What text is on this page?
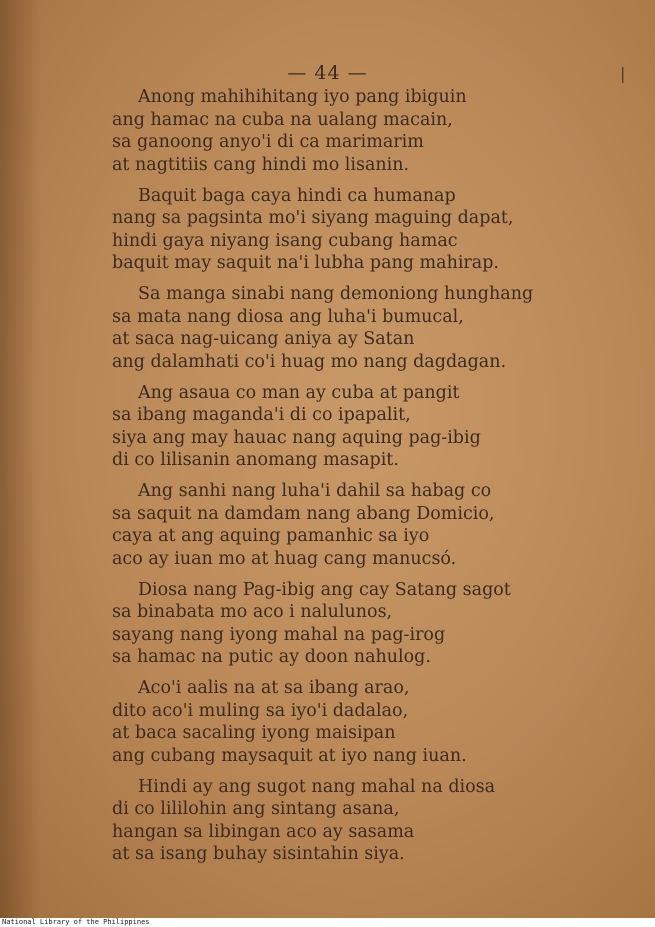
|
— 44 —
Anong mahihihitang iyo pang ibiguin
ang hamac na cuba na ualang macain,
sa ganoong anyo'i di ca marimarim
at nagtitiis cang hindi mo lisanin.
Baquit baga caya hindi ca humanap
nang sa pagsinta mo'i siyang maguing dapat,
hindi gaya niyang isang cubang hamac
baquit may saquit na'i lubha pang mahirap.
Sa manga sinabi nang demoniong hunghang
sa mata nang diosa ang luha'i bumucal,
at saca nag-uicang aniya ay Satan
ang dalamhati co'i huag mo nang dagdagan.
Ang asaua co man ay cuba at pangit
sa ibang maganda'i di co ipapalit,
siya ang may hauac nang aquing pag-ibig
di co lilisanin anomang masapit.
Ang sanhi nang luha'i dahil sa habag co
sa saquit na damdam nang abang Domicio,
caya at ang aquing pamanhic sa iyo
aco ay iuan mo at huag cang manucsó.
Diosa nang Pag-ibig ang cay Satang sagot
sa binabata mo aco i nalulunos,
sayang nang iyong mahal na pag-irog
sa hamac na putic ay doon nahulog.
Aco'i aalis na at sa ibang arao,
dito aco'i muling sa iyo'i dadalao,
at baca sacaling iyong maisipan
ang cubang maysaquit at iyo nang iuan.
Hindi ay ang sugot nang mahal na diosa
di co lililohin ang sintang asana,
hangan sa libingan aco ay sasama
at sa isang buhay sisintahin siya.
National Library of the Philippines
